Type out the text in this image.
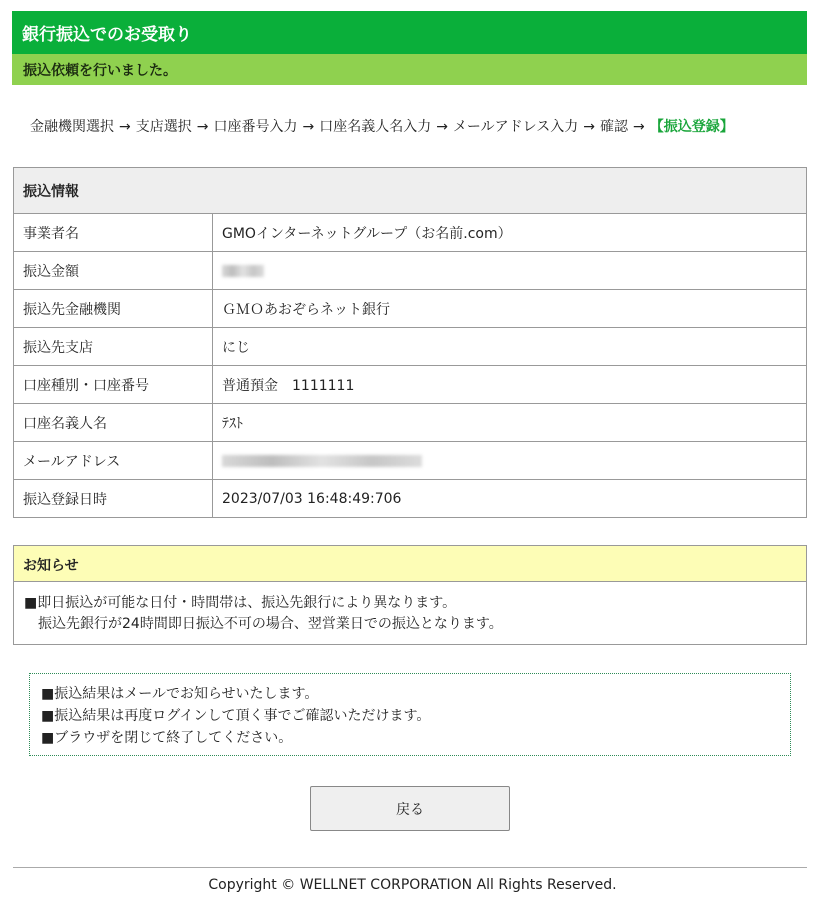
銀行振込でのお受取り
振込依頼を行いました。
金融機関選択 → 支店選択 → 口座番号入力 → 口座名義人名入力 → メールアドレス入力 → 確認 → 【振込登録】
振込情報	
事業者名	GMOインターネットグループ（お名前.com）
振込金額	
振込先金融機関	ＧＭＯあおぞらネット銀行
振込先支店	にじ
口座種別・口座番号	普通預金　1111111
口座名義人名	ﾃｽﾄ
メールアドレス	
振込登録日時	2023/07/03 16:48:49:706
お知らせ
■即日振込が可能な日付・時間帯は、振込先銀行により異なります。
振込先銀行が24時間即日振込不可の場合、翌営業日での振込となります。
■振込結果はメールでお知らせいたします。
■振込結果は再度ログインして頂く事でご確認いただけます。
■ブラウザを閉じて終了してください。
戻る
Copyright © WELLNET CORPORATION All Rights Reserved.
